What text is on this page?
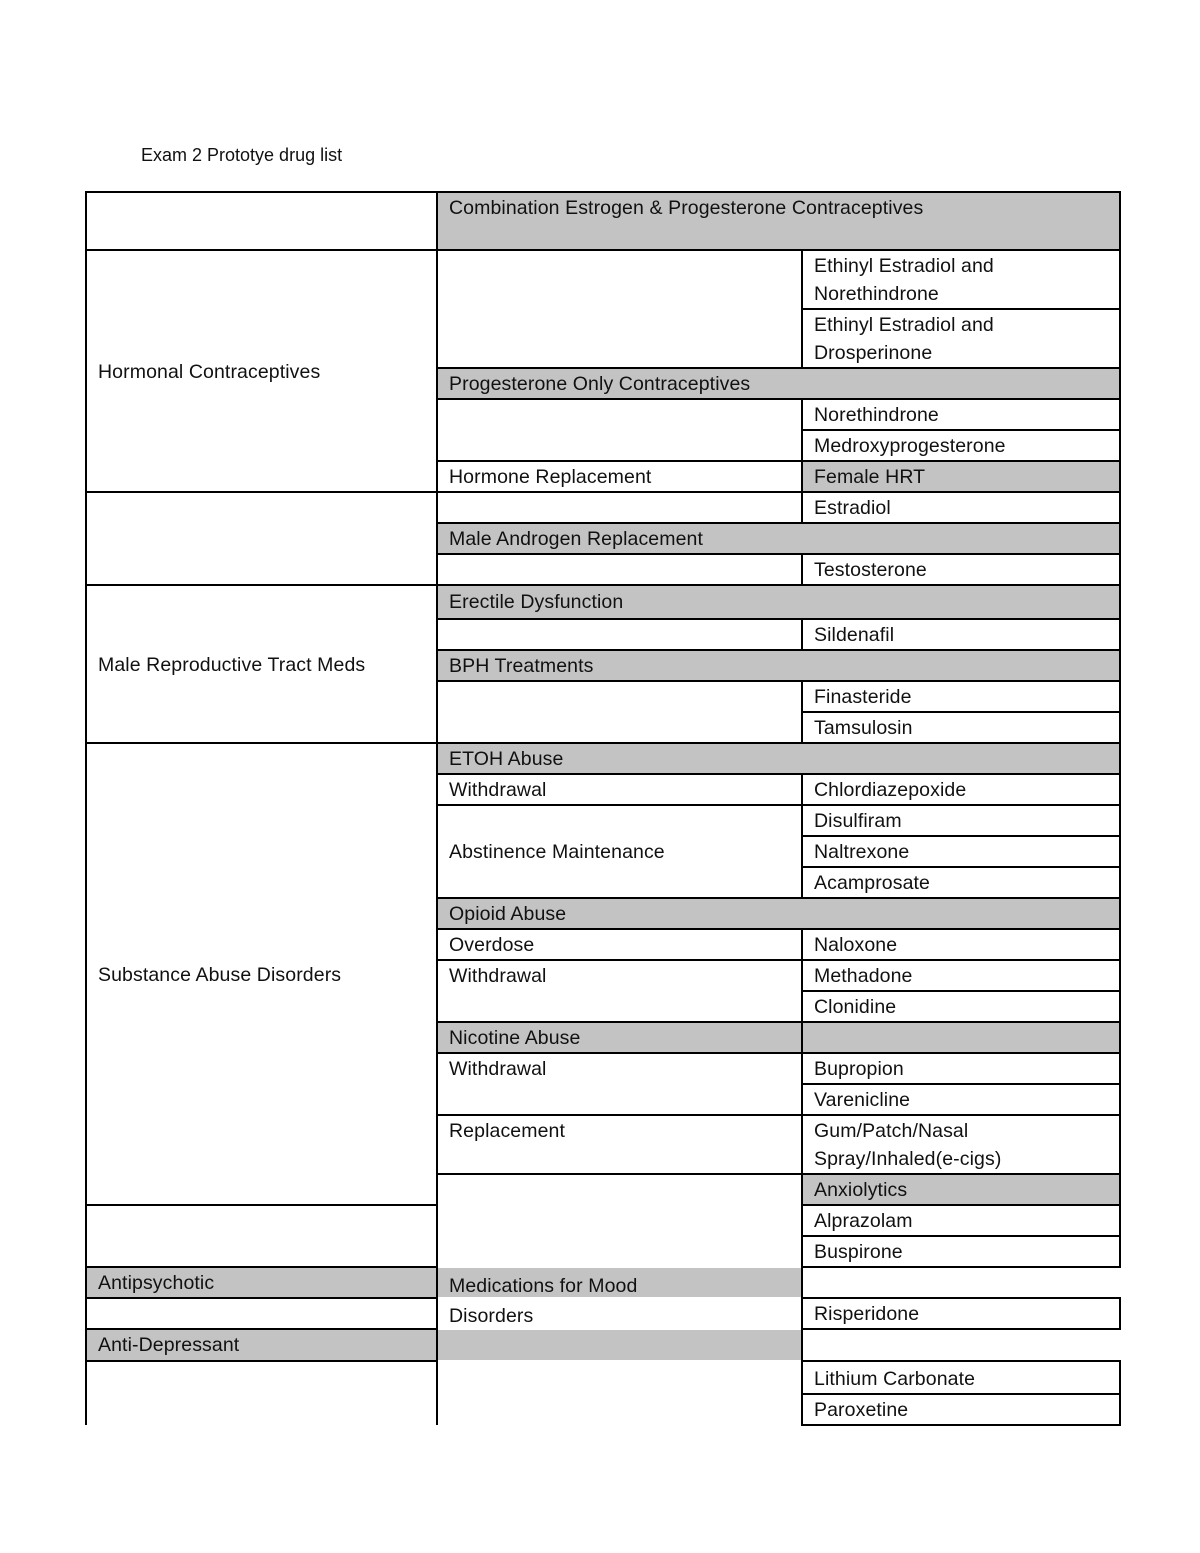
Exam 2 Prototye drug list
	Combination Estrogen & Progesterone Contraceptives		
Hormonal Contraceptives		Ethinyl Estradiol and Norethindrone	
		Ethinyl Estradiol and Drosperinone	
	Progesterone Only Contraceptives		
		Norethindrone	
		Medroxyprogesterone	
	Hormone Replacement	Female HRT	
		Estradiol	
	Male Androgen Replacement		
		Testosterone	
Male Reproductive Tract Meds	Erectile Dysfunction		
		Sildenafil	
	BPH Treatments		
		Finasteride	
		Tamsulosin	
Substance Abuse Disorders	ETOH Abuse		
	Withdrawal	Chlordiazepoxide	
	Abstinence Maintenance	Disulfiram	
		Naltrexone	
		Acamprosate	
	Opioid Abuse		
	Overdose	Naloxone	
	Withdrawal	Methadone	
		Clonidine	
	Nicotine Abuse		
	Withdrawal	Bupropion	
		Varenicline	
	Replacement	Gum/Patch/Nasal Spray/Inhaled(e-cigs)	
	Medications for Mood Disorders	Anxiolytics	
		Alprazolam	
		Buspirone	
Antipsychotic			
		Risperidone	
Anti-Depressant			
		Lithium Carbonate	
		Paroxetine	
